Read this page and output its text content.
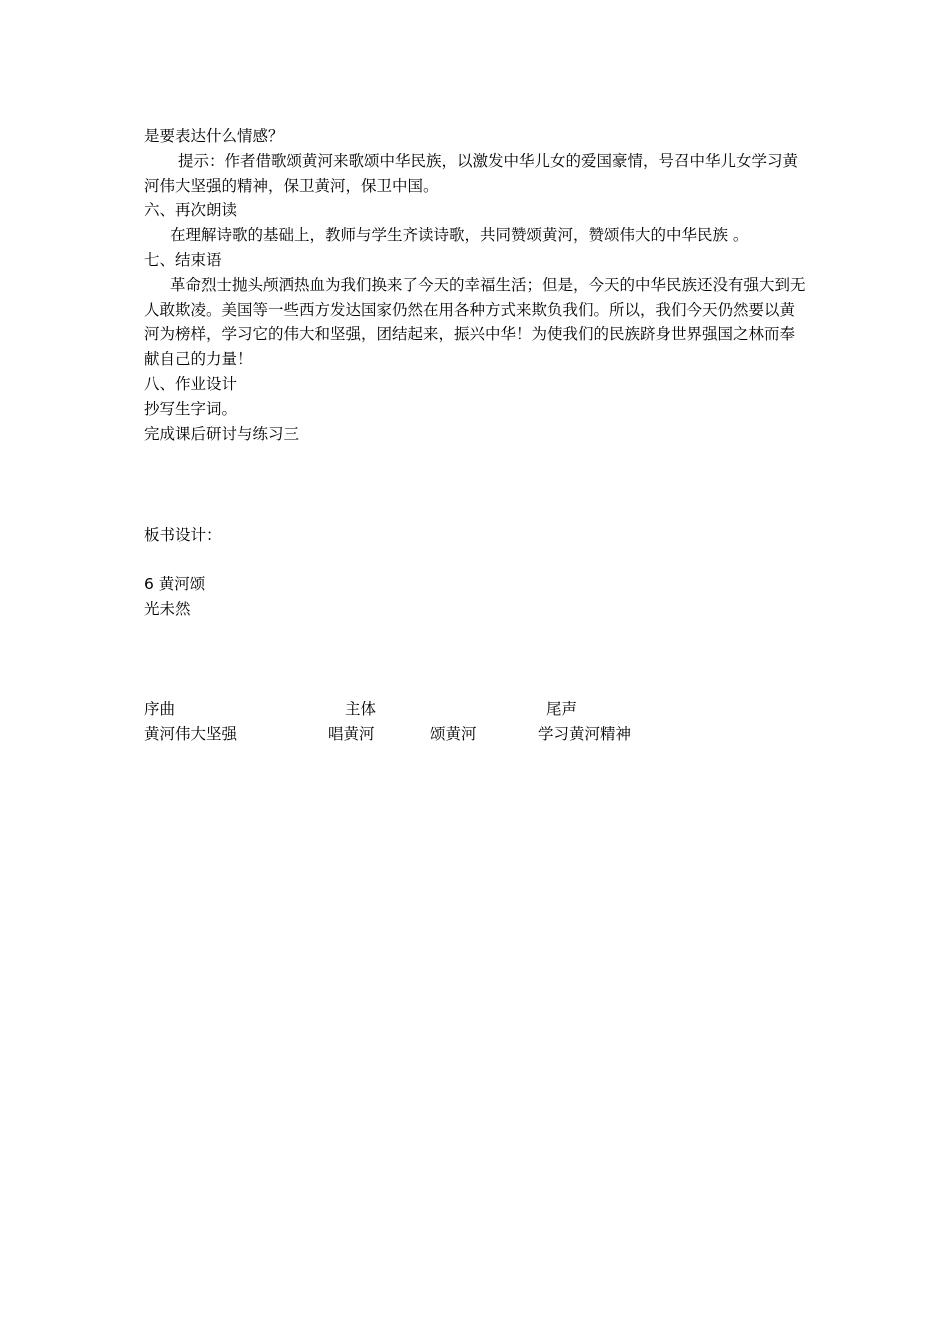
是要表达什么情感？

提示：作者借歌颂黄河来歌颂中华民族，以激发中华儿女的爱国豪情，号召中华儿女学习黄河伟大坚强的精神，保卫黄河，保卫中国。

六、再次朗读

在理解诗歌的基础上，教师与学生齐读诗歌，共同赞颂黄河，赞颂伟大的中华民族 。

七、结束语

革命烈士抛头颅洒热血为我们换来了今天的幸福生活；但是，今天的中华民族还没有强大到无人敢欺凌。美国等一些西方发达国家仍然在用各种方式来欺负我们。所以，我们今天仍然要以黄河为榜样，学习它的伟大和坚强，团结起来，振兴中华！为使我们的民族跻身世界强国之林而奉献自己的力量！

八、作业设计

抄写生字词。

完成课后研讨与练习三

板书设计：

6 黄河颂

光未然

序曲	主体	尾声
黄河伟大坚强	唱黄河	颂黄河	学习黄河精神
